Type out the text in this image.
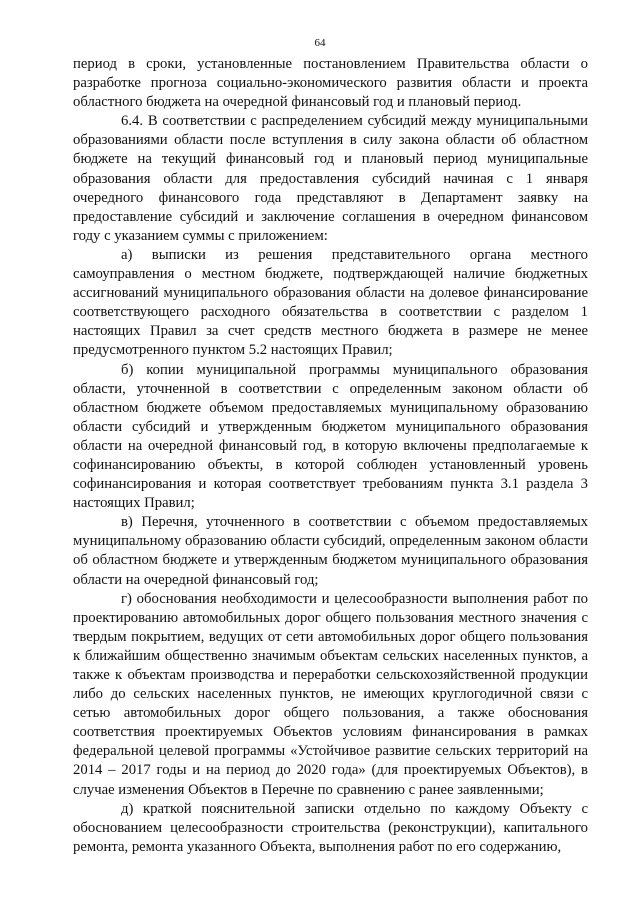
64

период в сроки, установленные постановлением Правительства области о разработке прогноза социально-экономического развития области и проекта областного бюджета на очередной финансовый год и плановый период.

6.4. В соответствии с распределением субсидий между муниципальными образованиями области после вступления в силу закона области об областном бюджете на текущий финансовый год и плановый период муниципальные образования области для предоставления субсидий начиная с 1 января очередного финансового года представляют в Департамент заявку на предоставление субсидий и заключение соглашения в очередном финансовом году с указанием суммы с приложением:

а) выписки из решения представительного органа местного самоуправления о местном бюджете, подтверждающей наличие бюджетных ассигнований муниципального образования области на долевое финансирование соответствующего расходного обязательства в соответствии с разделом 1 настоящих Правил за счет средств местного бюджета в размере не менее предусмотренного пунктом 5.2 настоящих Правил;

б) копии муниципальной программы муниципального образования области, уточненной в соответствии с определенным законом области об областном бюджете объемом предоставляемых муниципальному образованию области субсидий и утвержденным бюджетом муниципального образования области на очередной финансовый год, в которую включены предполагаемые к софинансированию объекты, в которой соблюден установленный уровень софинансирования и которая соответствует требованиям пункта 3.1 раздела 3 настоящих Правил;

в) Перечня, уточненного в соответствии с объемом предоставляемых муниципальному образованию области субсидий, определенным законом области об областном бюджете и утвержденным бюджетом муниципального образования области на очередной финансовый год;

г) обоснования необходимости и целесообразности выполнения работ по проектированию автомобильных дорог общего пользования местного значения с твердым покрытием, ведущих от сети автомобильных дорог общего пользования к ближайшим общественно значимым объектам сельских населенных пунктов, а также к объектам производства и переработки сельскохозяйственной продукции либо до сельских населенных пунктов, не имеющих круглогодичной связи с сетью автомобильных дорог общего пользования, а также обоснования соответствия проектируемых Объектов условиям финансирования в рамках федеральной целевой программы «Устойчивое развитие сельских территорий на 2014 – 2017 годы и на период до 2020 года» (для проектируемых Объектов), в случае изменения Объектов в Перечне по сравнению с ранее заявленными;

д) краткой пояснительной записки отдельно по каждому Объекту с обоснованием целесообразности строительства (реконструкции), капитального ремонта, ремонта указанного Объекта, выполнения работ по его содержанию,
